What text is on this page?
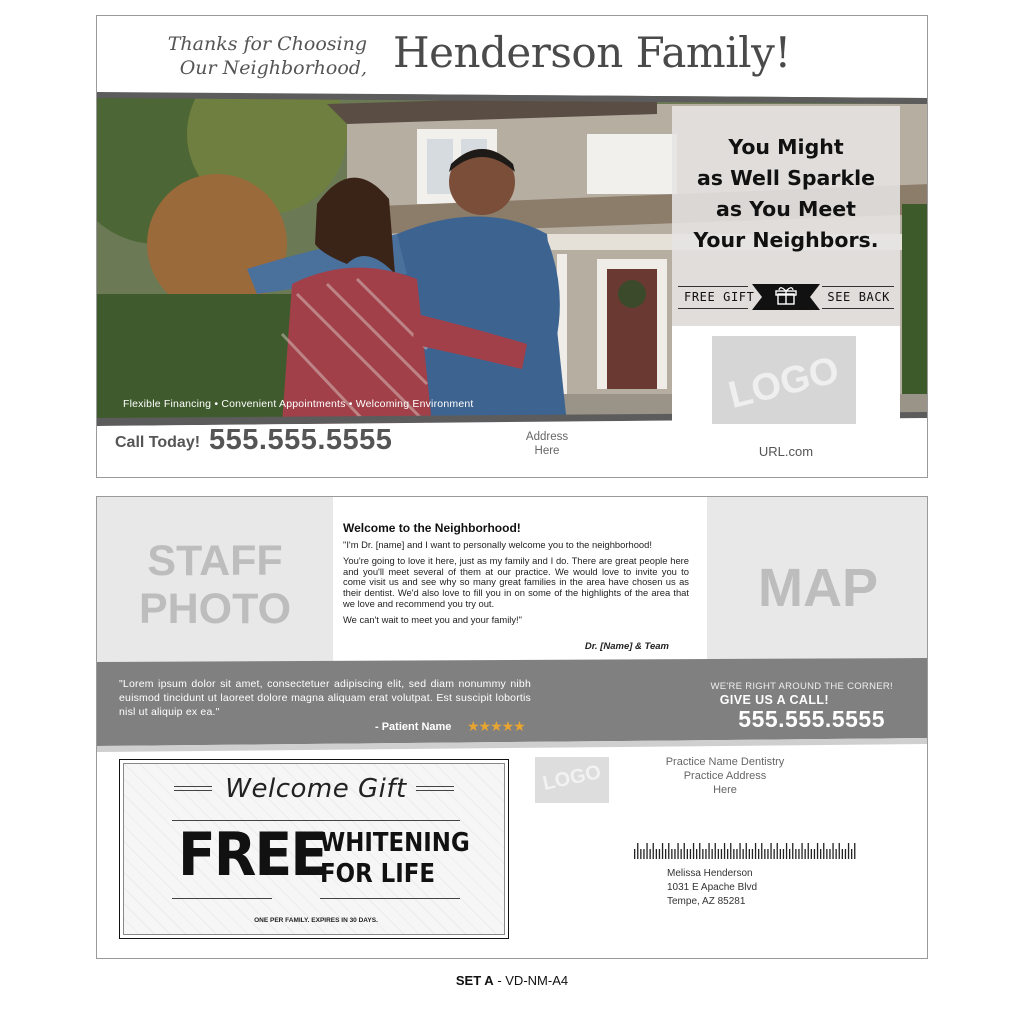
Thanks for Choosing
Our Neighborhood, Henderson Family!
Flexible Financing • Convenient Appointments • Welcoming Environment
You Might
as Well Sparkle
as You Meet
Your Neighbors.
FREE GIFT	SEE BACK
LOGO
URL.com
Call Today! 555.555.5555	Address
Here
STAFF
PHOTO
Welcome to the Neighborhood!

"I'm Dr. [name] and I want to personally welcome you to the neighborhood!

You're going to love it here, just as my family and I do. There are great people here and you'll meet several of them at our practice. We would love to invite you to come visit us and see why so many great families in the area have chosen us as their dentist. We'd also love to fill you in on some of the highlights of the area that we love and recommend you try out.

We can't wait to meet you and your family!"

Dr. [Name] & Team
MAP
"Lorem ipsum dolor sit amet, consectetuer adipiscing elit, sed diam nonummy nibh euismod tincidunt ut laoreet dolore magna aliquam erat volutpat. Est suscipit lobortis nisl ut aliquip ex ea."
- Patient Name ★★★★★
WE'RE RIGHT AROUND THE CORNER!
GIVE US A CALL!
555.555.5555
Welcome Gift
FREE
WHITENING
FOR LIFE
ONE PER FAMILY. EXPIRES IN 30 DAYS.
LOGO	Practice Name Dentistry
Practice Address
Here
Melissa Henderson
1031 E Apache Blvd
Tempe, AZ 85281
SET A - VD-NM-A4
